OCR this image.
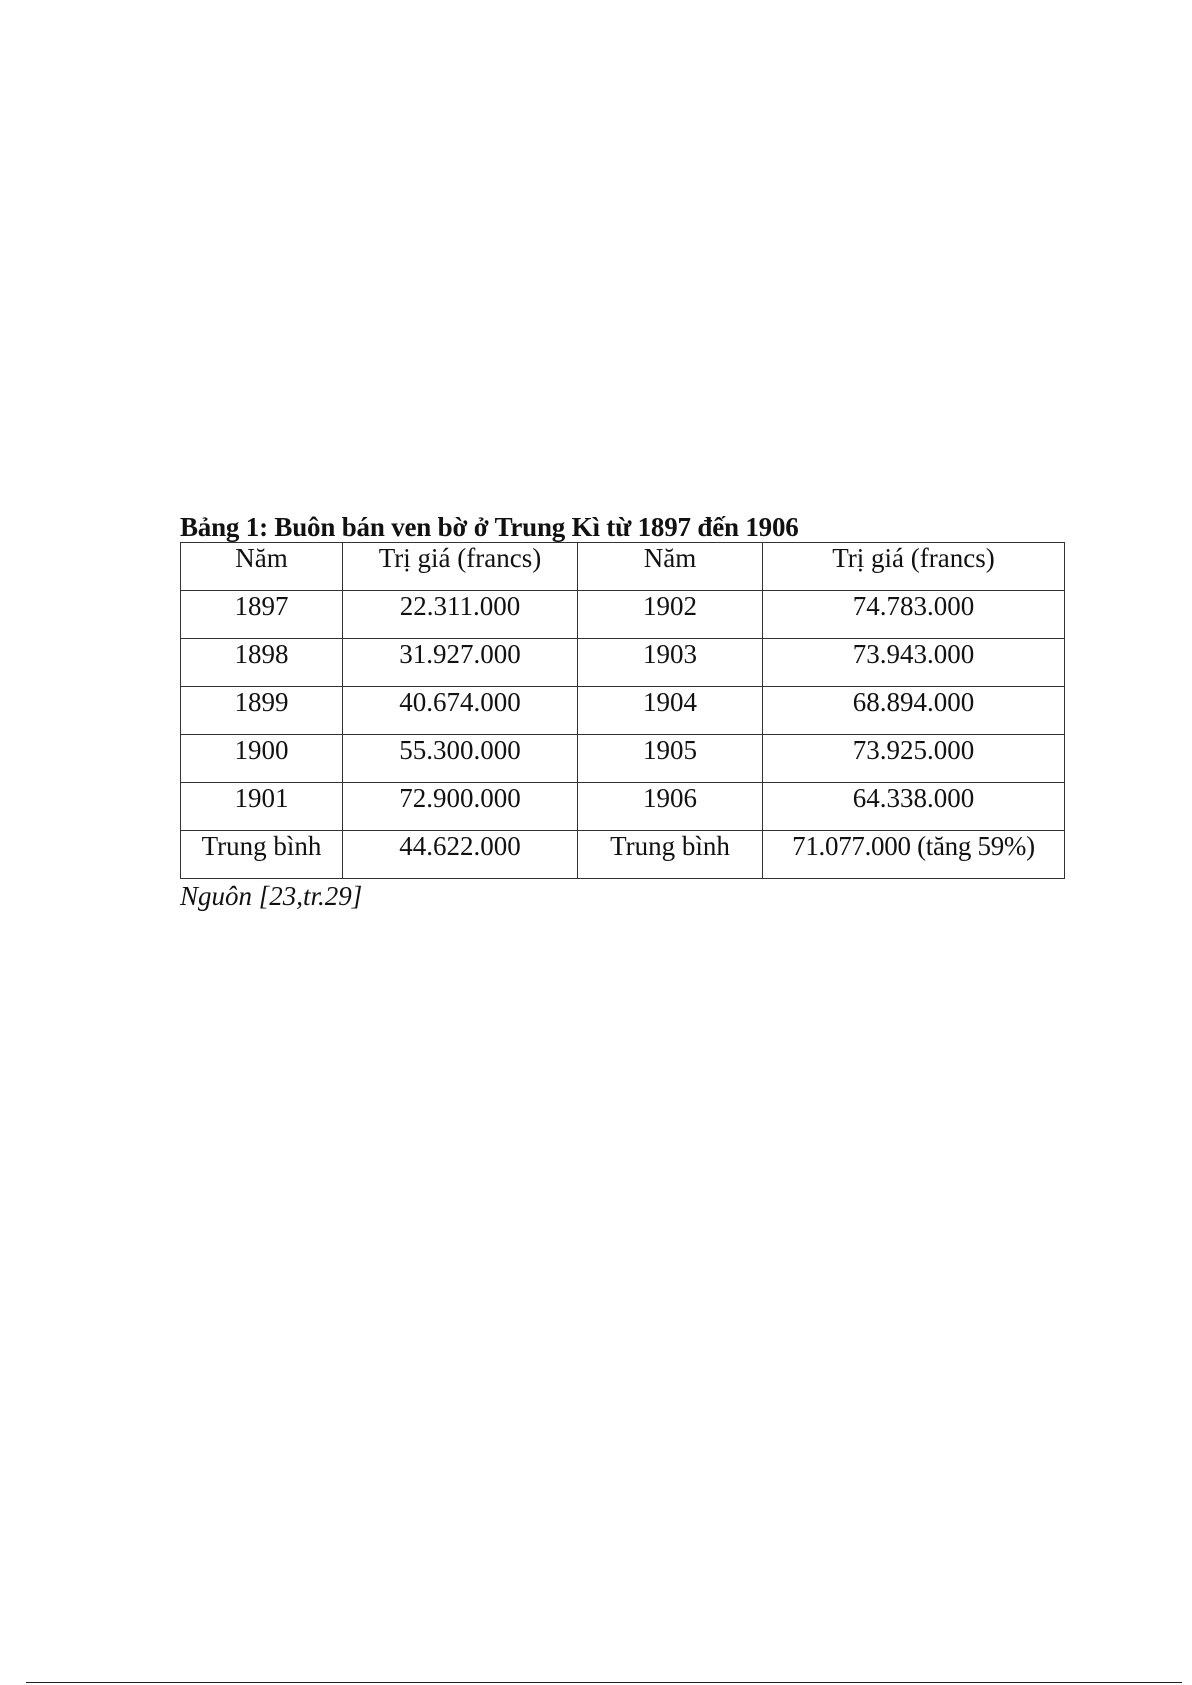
Bảng 1: Buôn bán ven bờ ở Trung Kì từ 1897 đến 1906

Năm	Trị giá (francs)	Năm	Trị giá (francs)
1897	22.311.000	1902	74.783.000
1898	31.927.000	1903	73.943.000
1899	40.674.000	1904	68.894.000
1900	55.300.000	1905	73.925.000
1901	72.900.000	1906	64.338.000
Trung bình	44.622.000	Trung bình	71.077.000 (tăng 59%)

Nguôn [23,tr.29]
